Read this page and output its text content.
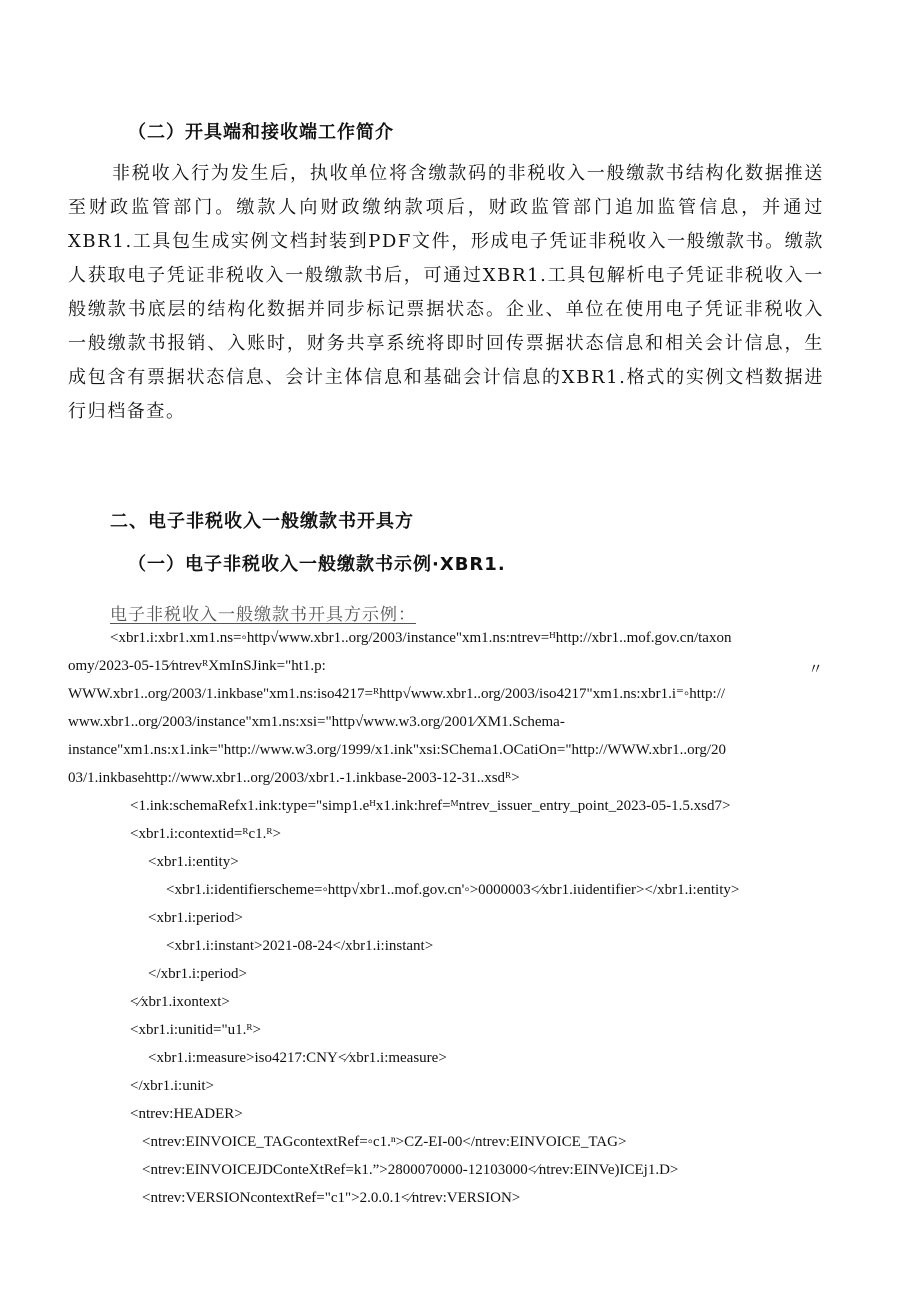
（二）开具端和接收端工作简介
非税收入行为发生后，执收单位将含缴款码的非税收入一般缴款书结构化数据推送至财政监管部门。缴款人向财政缴纳款项后，财政监管部门追加监管信息，并通过XBR1.工具包生成实例文档封装到PDF文件，形成电子凭证非税收入一般缴款书。缴款人获取电子凭证非税收入一般缴款书后，可通过XBR1.工具包解析电子凭证非税收入一般缴款书底层的结构化数据并同步标记票据状态。企业、单位在使用电子凭证非税收入一般缴款书报销、入账时，财务共享系统将即时回传票据状态信息和相关会计信息，生成包含有票据状态信息、会计主体信息和基础会计信息的XBR1.格式的实例文档数据进行归档备查。
二、电子非税收入一般缴款书开具方
（一）电子非税收入一般缴款书示例·XBR1.
电子非税收入一般缴款书开具方示例：
〃
<xbr1.i:xbr1.xm1.ns=◦http√www.xbr1..org/2003/instance"xm1.ns:ntrev=ᴴhttp://xbr1..mof.gov.cn/taxon
omy/2023-05-15∕ntrevᴿXmInSJink="ht1.p:
WWW.xbr1..org/2003/1.inkbase"xm1.ns:iso4217=ᴿhttp√www.xbr1..org/2003/iso4217"xm1.ns:xbr1.i⁼◦http://
www.xbr1..org/2003/instance"xm1.ns:xsi="http√www.w3.org/2001∕XM1.Schema-
instance"xm1.ns:x1.ink="http://www.w3.org/1999/x1.ink"xsi:SChema1.OCatiOn="http://WWW.xbr1..org/20
03/1.inkbasehttp://www.xbr1..org/2003/xbr1.-1.inkbase-2003-12-31..xsdᴿ>
<1.ink:schemaRefx1.ink:type="simp1.eᴴx1.ink:href=ᴹntrev_issuer_entry_point_2023-05-1.5.xsd7>
<xbr1.i:contextid=ᴿc1.ᴿ>
<xbr1.i:entity>
<xbr1.i:identifierscheme=◦http√xbr1..mof.gov.cn'◦>0000003<∕xbr1.iιidentifier></xbr1.i:entity>
<xbr1.i:period>
<xbr1.i:instant>2021-08-24</xbr1.i:instant>
</xbr1.i:period>
<∕xbr1.ixontext>
<xbr1.i:unitid="u1.ᴿ>
<xbr1.i:measure>iso4217:CNY<∕xbr1.i:measure>
</xbr1.i:unit>
<ntrev:HEADER>
<ntrev:EINVOICE_TAGcontextRef=◦c1.ⁿ>CZ-EI-00</ntrev:EINVOICE_TAG>
<ntrev:EINVOICEJDConteXtRef=k1.”>2800070000-12103000<∕ntrev:EINVe)ICEj1.D>
<ntrev:VERSIONcontextRef="c1">2.0.0.1<∕ntrev:VERSION>
